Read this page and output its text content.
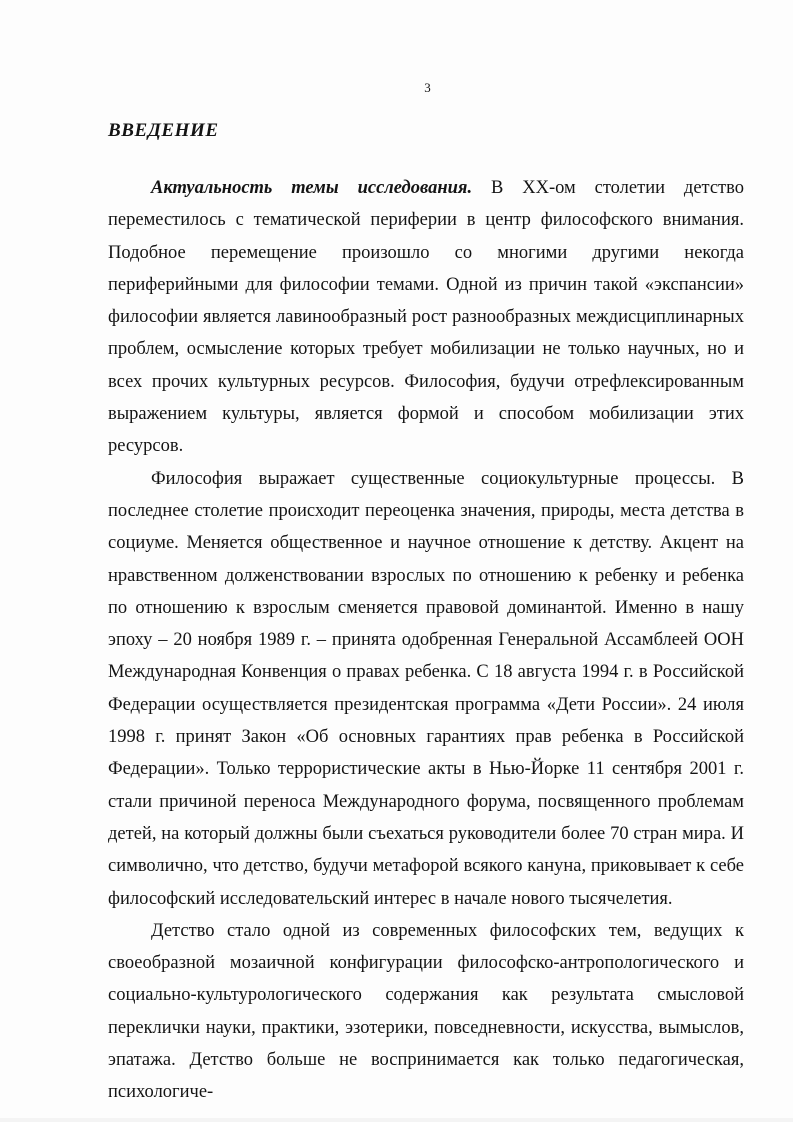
3
ВВЕДЕНИЕ

Актуальность темы исследования. В XX-ом столетии детство переместилось с тематической периферии в центр философского внимания. Подобное перемещение произошло со многими другими некогда периферийными для философии темами. Одной из причин такой «экспансии» философии является лавинообразный рост разнообразных междисциплинарных проблем, осмысление которых требует мобилизации не только научных, но и всех прочих культурных ресурсов. Философия, будучи отрефлексированным выражением культуры, является формой и способом мобилизации этих ресурсов.

Философия выражает существенные социокультурные процессы. В последнее столетие происходит переоценка значения, природы, места детства в социуме. Меняется общественное и научное отношение к детству. Акцент на нравственном долженствовании взрослых по отношению к ребенку и ребенка по отношению к взрослым сменяется правовой доминантой. Именно в нашу эпоху – 20 ноября 1989 г. – принята одобренная Генеральной Ассамблеей ООН Международная Конвенция о правах ребенка. С 18 августа 1994 г. в Российской Федерации осуществляется президентская программа «Дети России». 24 июля 1998 г. принят Закон «Об основных гарантиях прав ребенка в Российской Федерации». Только террористические акты в Нью-Йорке 11 сентября 2001 г. стали причиной переноса Международного форума, посвященного проблемам детей, на который должны были съехаться руководители более 70 стран мира. И символично, что детство, будучи метафорой всякого кануна, приковывает к себе философский исследовательский интерес в начале нового тысячелетия.

Детство стало одной из современных философских тем, ведущих к своеобразной мозаичной конфигурации философско-антропологического и социально-культурологического содержания как результата смысловой переклички науки, практики, эзотерики, повседневности, искусства, вымыслов, эпатажа. Детство больше не воспринимается как только педагогическая, психологиче-
